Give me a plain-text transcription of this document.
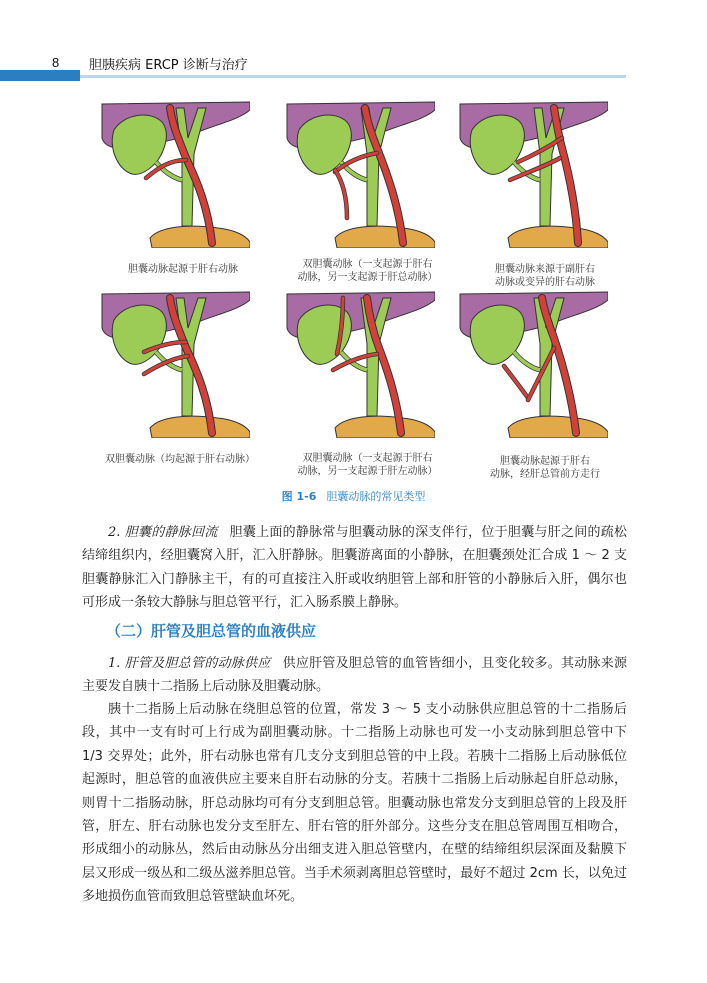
8 胆胰疾病 ERCP 诊断与治疗
胆囊动脉起源于肝右动脉	双胆囊动脉（一支起源于肝右
动脉，另一支起源于肝总动脉）
胆囊动脉来源于副肝右
动脉或变异的肝右动脉
双胆囊动脉（均起源于肝右动脉）	双胆囊动脉（一支起源于肝右
动脉，另一支起源于肝左动脉）
胆囊动脉起源于肝右
动脉，经肝总管前方走行
图 1-6 胆囊动脉的常见类型

2. 胆囊的静脉回流 胆囊上面的静脉常与胆囊动脉的深支伴行，位于胆囊与肝之间的疏松结缔组织内，经胆囊窝入肝，汇入肝静脉。胆囊游离面的小静脉，在胆囊颈处汇合成 1 ～ 2 支胆囊静脉汇入门静脉主干，有的可直接注入肝或收纳胆管上部和肝管的小静脉后入肝，偶尔也可形成一条较大静脉与胆总管平行，汇入肠系膜上静脉。

（二）肝管及胆总管的血液供应

1. 肝管及胆总管的动脉供应 供应肝管及胆总管的血管皆细小，且变化较多。其动脉来源主要发自胰十二指肠上后动脉及胆囊动脉。

胰十二指肠上后动脉在绕胆总管的位置，常发 3 ～ 5 支小动脉供应胆总管的十二指肠后段，其中一支有时可上行成为副胆囊动脉。十二指肠上动脉也可发一小支动脉到胆总管中下 1/3 交界处；此外，肝右动脉也常有几支分支到胆总管的中上段。若胰十二指肠上后动脉低位起源时，胆总管的血液供应主要来自肝右动脉的分支。若胰十二指肠上后动脉起自肝总动脉，则胃十二指肠动脉，肝总动脉均可有分支到胆总管。胆囊动脉也常发分支到胆总管的上段及肝管，肝左、肝右动脉也发分支至肝左、肝右管的肝外部分。这些分支在胆总管周围互相吻合，形成细小的动脉丛，然后由动脉丛分出细支进入胆总管壁内，在壁的结缔组织层深面及黏膜下层又形成一级丛和二级丛滋养胆总管。当手术须剥离胆总管壁时，最好不超过 2cm 长，以免过多地损伤血管而致胆总管壁缺血坏死。
